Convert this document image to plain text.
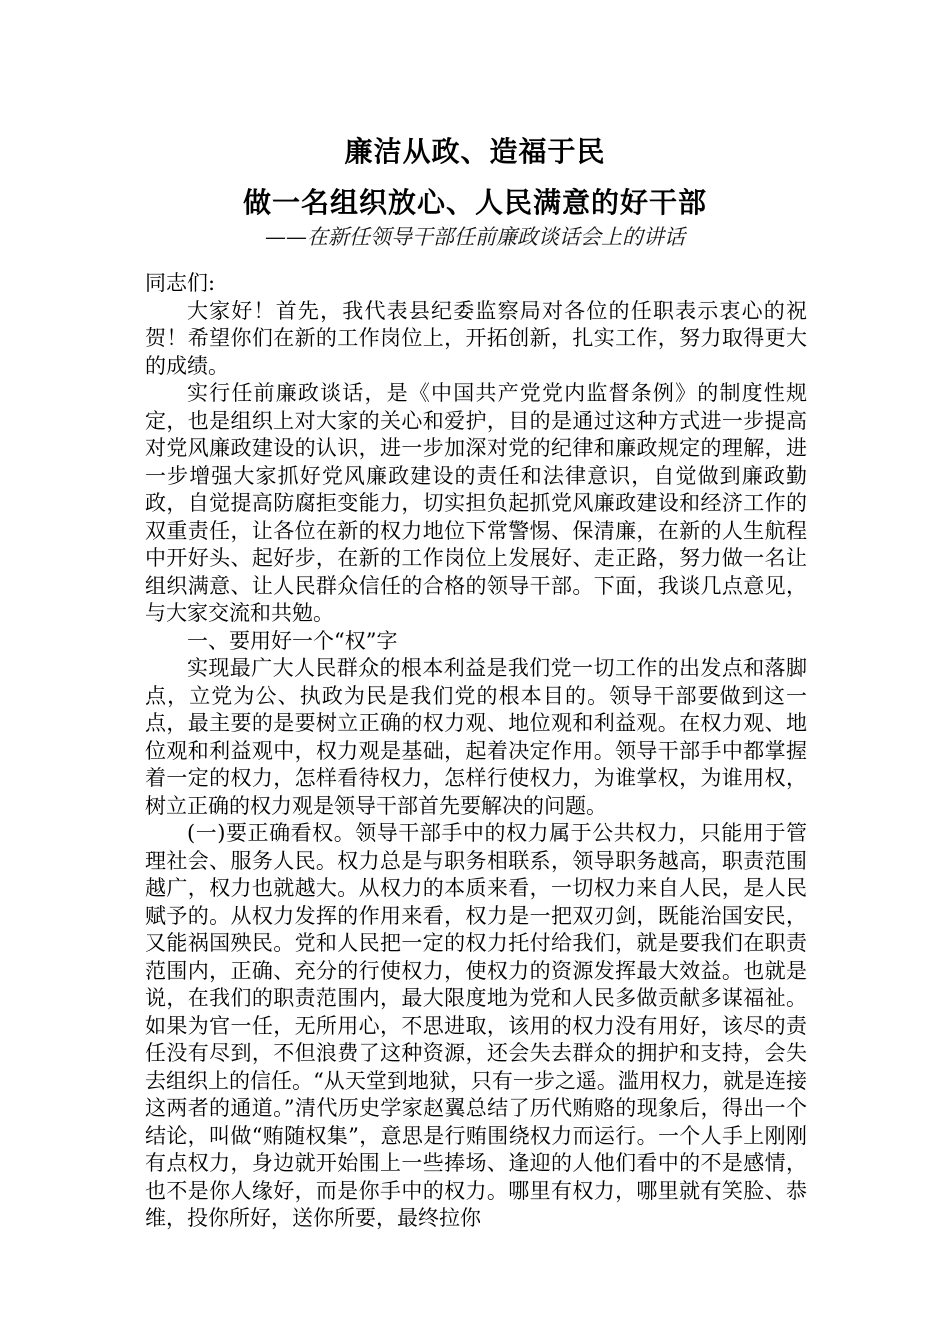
廉洁从政、造福于民
做一名组织放心、人民满意的好干部

——在新任领导干部任前廉政谈话会上的讲话

同志们:

大家好！首先，我代表县纪委监察局对各位的任职表示衷心的祝贺！希望你们在新的工作岗位上，开拓创新，扎实工作，努力取得更大的成绩。

实行任前廉政谈话，是《中国共产党党内监督条例》的制度性规定，也是组织上对大家的关心和爱护，目的是通过这种方式进一步提高对党风廉政建设的认识，进一步加深对党的纪律和廉政规定的理解，进一步增强大家抓好党风廉政建设的责任和法律意识，自觉做到廉政勤政，自觉提高防腐拒变能力，切实担负起抓党风廉政建设和经济工作的双重责任，让各位在新的权力地位下常警惕、保清廉，在新的人生航程中开好头、起好步，在新的工作岗位上发展好、走正路，努力做一名让组织满意、让人民群众信任的合格的领导干部。下面，我谈几点意见，与大家交流和共勉。

一、要用好一个“权”字

实现最广大人民群众的根本利益是我们党一切工作的出发点和落脚点，立党为公、执政为民是我们党的根本目的。领导干部要做到这一点，最主要的是要树立正确的权力观、地位观和利益观。在权力观、地位观和利益观中，权力观是基础，起着决定作用。领导干部手中都掌握着一定的权力，怎样看待权力，怎样行使权力，为谁掌权，为谁用权，树立正确的权力观是领导干部首先要解决的问题。

(一)要正确看权。领导干部手中的权力属于公共权力，只能用于管理社会、服务人民。权力总是与职务相联系，领导职务越高，职责范围越广，权力也就越大。从权力的本质来看，一切权力来自人民，是人民赋予的。从权力发挥的作用来看，权力是一把双刃剑，既能治国安民，又能祸国殃民。党和人民把一定的权力托付给我们，就是要我们在职责范围内，正确、充分的行使权力，使权力的资源发挥最大效益。也就是说，在我们的职责范围内，最大限度地为党和人民多做贡献多谋福祉。如果为官一任，无所用心，不思进取，该用的权力没有用好，该尽的责任没有尽到，不但浪费了这种资源，还会失去群众的拥护和支持，会失去组织上的信任。“从天堂到地狱，只有一步之遥。滥用权力，就是连接这两者的通道。”清代历史学家赵翼总结了历代贿赂的现象后，得出一个结论，叫做“贿随权集”，意思是行贿围绕权力而运行。一个人手上刚刚有点权力，身边就开始围上一些捧场、逢迎的人他们看中的不是感情，也不是你人缘好，而是你手中的权力。哪里有权力，哪里就有笑脸、恭维，投你所好，送你所要，最终拉你
